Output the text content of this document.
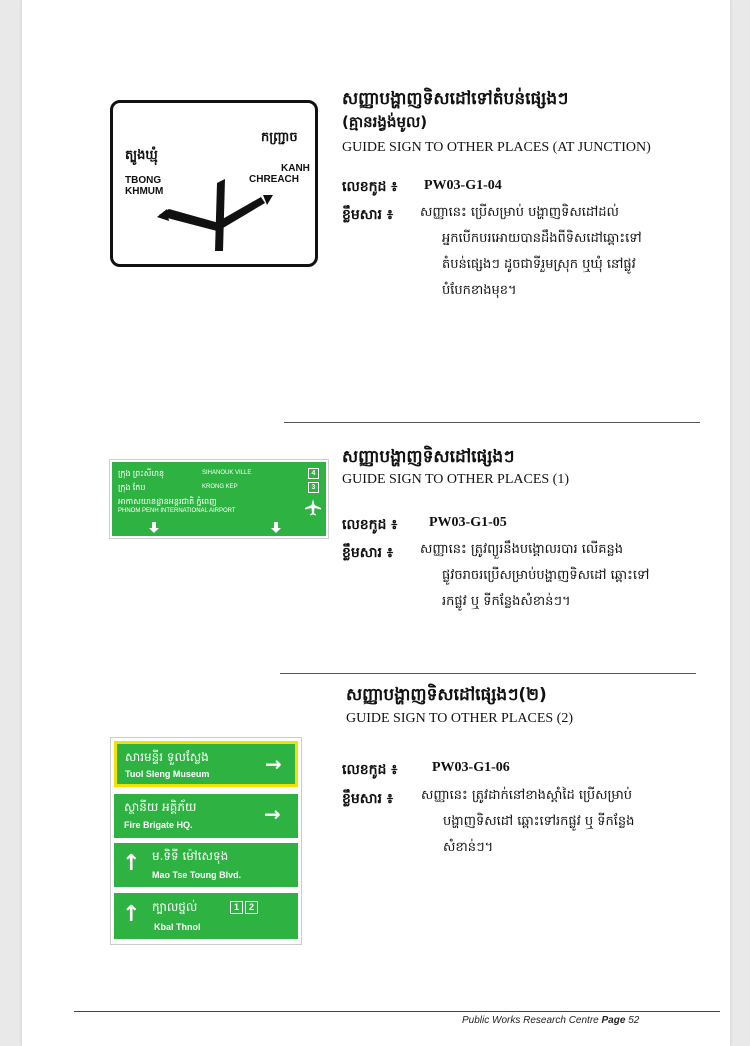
ត្បូងឃ្មុំ
TBONG
KHMUM
កញ្ជ្រាច
KANH
CHREACH
សញ្ញាបង្ហាញទិសដៅទៅតំបន់ផ្សេងៗ
(គ្មានរង្វង់មូល)
GUIDE SIGN TO OTHER PLACES (AT JUNCTION)
លេខកូដ ៖ PW03-G1-04
ខ្លឹមសារ ៖ សញ្ញានេះ ប្រើសម្រាប់ បង្ហាញទិសដៅដល់
អ្នកបើកបរអោយបានដឹងពីទិសដៅឆ្ពោះទៅ
តំបន់ផ្សេងៗ ដូចជាទីរួមស្រុក ឬឃុំ នៅផ្លូវ
បំបែកខាងមុខ។
ក្រុង ព្រះសីហនុ	SIHANOUK VILLE	4
ក្រុង កែប	KRONG KEP	3
អាកាសយានដ្ឋានអន្តរជាតិ ភ្នំពេញ
PHNOM PENH INTERNATIONAL AIRPORT
សញ្ញាបង្ហាញទិសដៅផ្សេងៗ
GUIDE SIGN TO OTHER PLACES (1)
លេខកូដ ៖ PW03-G1-05
ខ្លឹមសារ ៖ សញ្ញានេះ ត្រូវព្យួរនឹងបង្គោលរបារ លើគន្លង
ផ្លូវចរាចរប្រើសម្រាប់បង្ហាញទិសដៅ ឆ្ពោះទៅ
រកផ្លូវ ឬ ទីកន្លែងសំខាន់ៗ។
សារមន្ទីរ ទួលស្លែង
Tuol Sleng Museum	→
ស្ថានីយ អគ្គិភ័យ
Fire Brigate HQ.	→
↑ ម.ទិទី ម៉ៅសេទុង
Mao Tse Toung Blvd.
↑ ក្បាលថ្នល់	1	2
Kbal Thnol
សញ្ញាបង្ហាញទិសដៅផ្សេងៗ(២)
GUIDE SIGN TO OTHER PLACES (2)
លេខកូដ ៖ PW03-G1-06
ខ្លឹមសារ ៖ សញ្ញានេះ ត្រូវដាក់នៅខាងស្តាំដៃ ប្រើសម្រាប់
បង្ហាញទិសដៅ ឆ្ពោះទៅរកផ្លូវ ឬ ទីកន្លែង
សំខាន់ៗ។
Public Works Research Centre Page 52
